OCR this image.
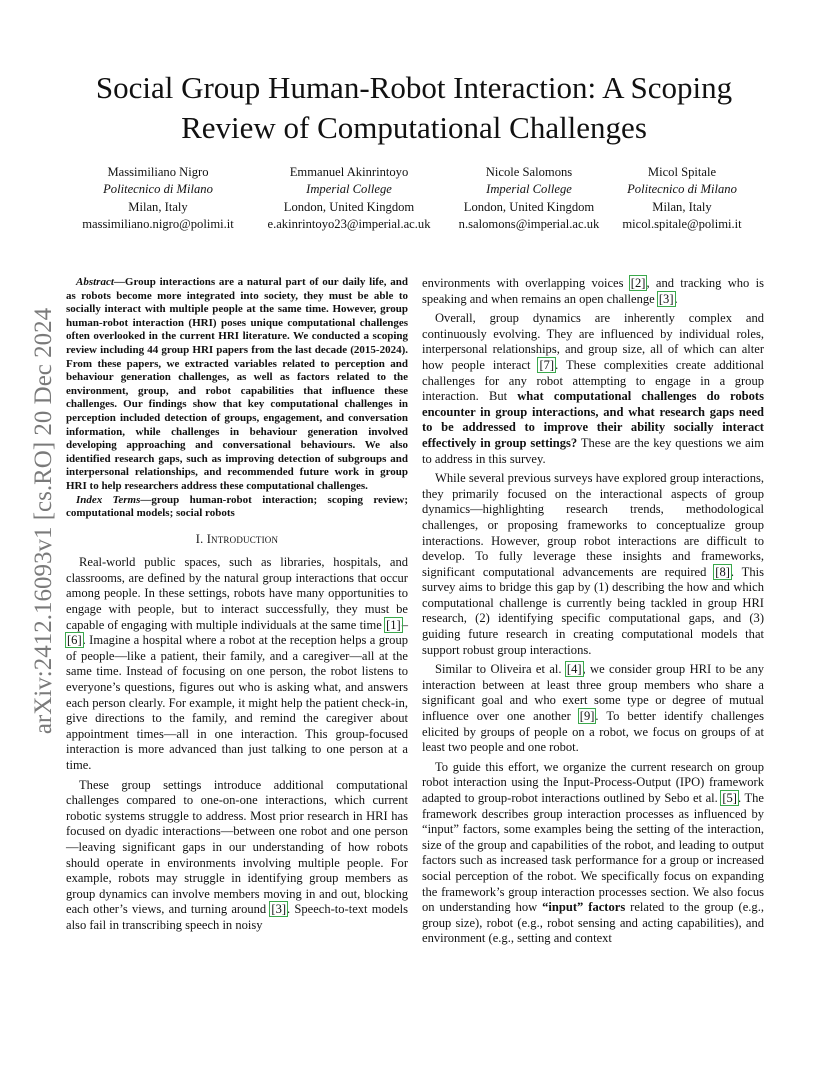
Social Group Human-Robot Interaction: A Scoping
Review of Computational Challenges
Massimiliano Nigro
Politecnico di Milano
Milan, Italy
massimiliano.nigro@polimi.it
Emmanuel Akinrintoyo
Imperial College
London, United Kingdom
e.akinrintoyo23@imperial.ac.uk
Nicole Salomons
Imperial College
London, United Kingdom
n.salomons@imperial.ac.uk
Micol Spitale
Politecnico di Milano
Milan, Italy
micol.spitale@polimi.it
arXiv:2412.16093v1 [cs.RO] 20 Dec 2024

Abstract—Group interactions are a natural part of our daily life, and as robots become more integrated into society, they must be able to socially interact with multiple people at the same time. However, group human-robot interaction (HRI) poses unique computational challenges often overlooked in the current HRI literature. We conducted a scoping review including 44 group HRI papers from the last decade (2015-2024). From these papers, we extracted variables related to perception and behaviour generation challenges, as well as factors related to the environment, group, and robot capabilities that influence these challenges. Our findings show that key computational challenges in perception included detection of groups, engagement, and conversation information, while challenges in behaviour generation involved developing approaching and conversational behaviours. We also identified research gaps, such as improving detection of subgroups and interpersonal relationships, and recommended future work in group HRI to help researchers address these computational challenges.

Index Terms—group human-robot interaction; scoping review; computational models; social robots

I. Introduction

Real-world public spaces, such as libraries, hospitals, and classrooms, are defined by the natural group interactions that occur among people. In these settings, robots have many opportunities to engage with people, but to interact successfully, they must be capable of engaging with multiple individuals at the same time [1]–[6]. Imagine a hospital where a robot at the reception helps a group of people—like a patient, their family, and a caregiver—all at the same time. Instead of focusing on one person, the robot listens to everyone’s questions, figures out who is asking what, and answers each person clearly. For example, it might help the patient check-in, give directions to the family, and remind the caregiver about appointment times—all in one interaction. This group-focused interaction is more advanced than just talking to one person at a time.

These group settings introduce additional computational challenges compared to one-on-one interactions, which current robotic systems struggle to address. Most prior research in HRI has focused on dyadic interactions—between one robot and one person—leaving significant gaps in our understanding of how robots should operate in environments involving multiple people. For example, robots may struggle in identifying group members as group dynamics can involve members moving in and out, blocking each other’s views, and turning around [3]. Speech-to-text models also fail in transcribing speech in noisy

environments with overlapping voices [2], and tracking who is speaking and when remains an open challenge [3].

Overall, group dynamics are inherently complex and continuously evolving. They are influenced by individual roles, interpersonal relationships, and group size, all of which can alter how people interact [7]. These complexities create additional challenges for any robot attempting to engage in a group interaction. But what computational challenges do robots encounter in group interactions, and what research gaps need to be addressed to improve their ability socially interact effectively in group settings? These are the key questions we aim to address in this survey.

While several previous surveys have explored group interactions, they primarily focused on the interactional aspects of group dynamics—highlighting research trends, methodological challenges, or proposing frameworks to conceptualize group interactions. However, group robot interactions are difficult to develop. To fully leverage these insights and frameworks, significant computational advancements are required [8]. This survey aims to bridge this gap by (1) describing the how and which computational challenge is currently being tackled in group HRI research, (2) identifying specific computational gaps, and (3) guiding future research in creating computational models that support robust group interactions.

Similar to Oliveira et al. [4], we consider group HRI to be any interaction between at least three group members who share a significant goal and who exert some type or degree of mutual influence over one another [9]. To better identify challenges elicited by groups of people on a robot, we focus on groups of at least two people and one robot.

To guide this effort, we organize the current research on group robot interaction using the Input-Process-Output (IPO) framework adapted to group-robot interactions outlined by Sebo et al. [5]. The framework describes group interaction processes as influenced by “input” factors, some examples being the setting of the interaction, size of the group and capabilities of the robot, and leading to output factors such as increased task performance for a group or increased social perception of the robot. We specifically focus on expanding the framework’s group interaction processes section. We also focus on understanding how “input” factors related to the group (e.g., group size), robot (e.g., robot sensing and acting capabilities), and environment (e.g., setting and context
